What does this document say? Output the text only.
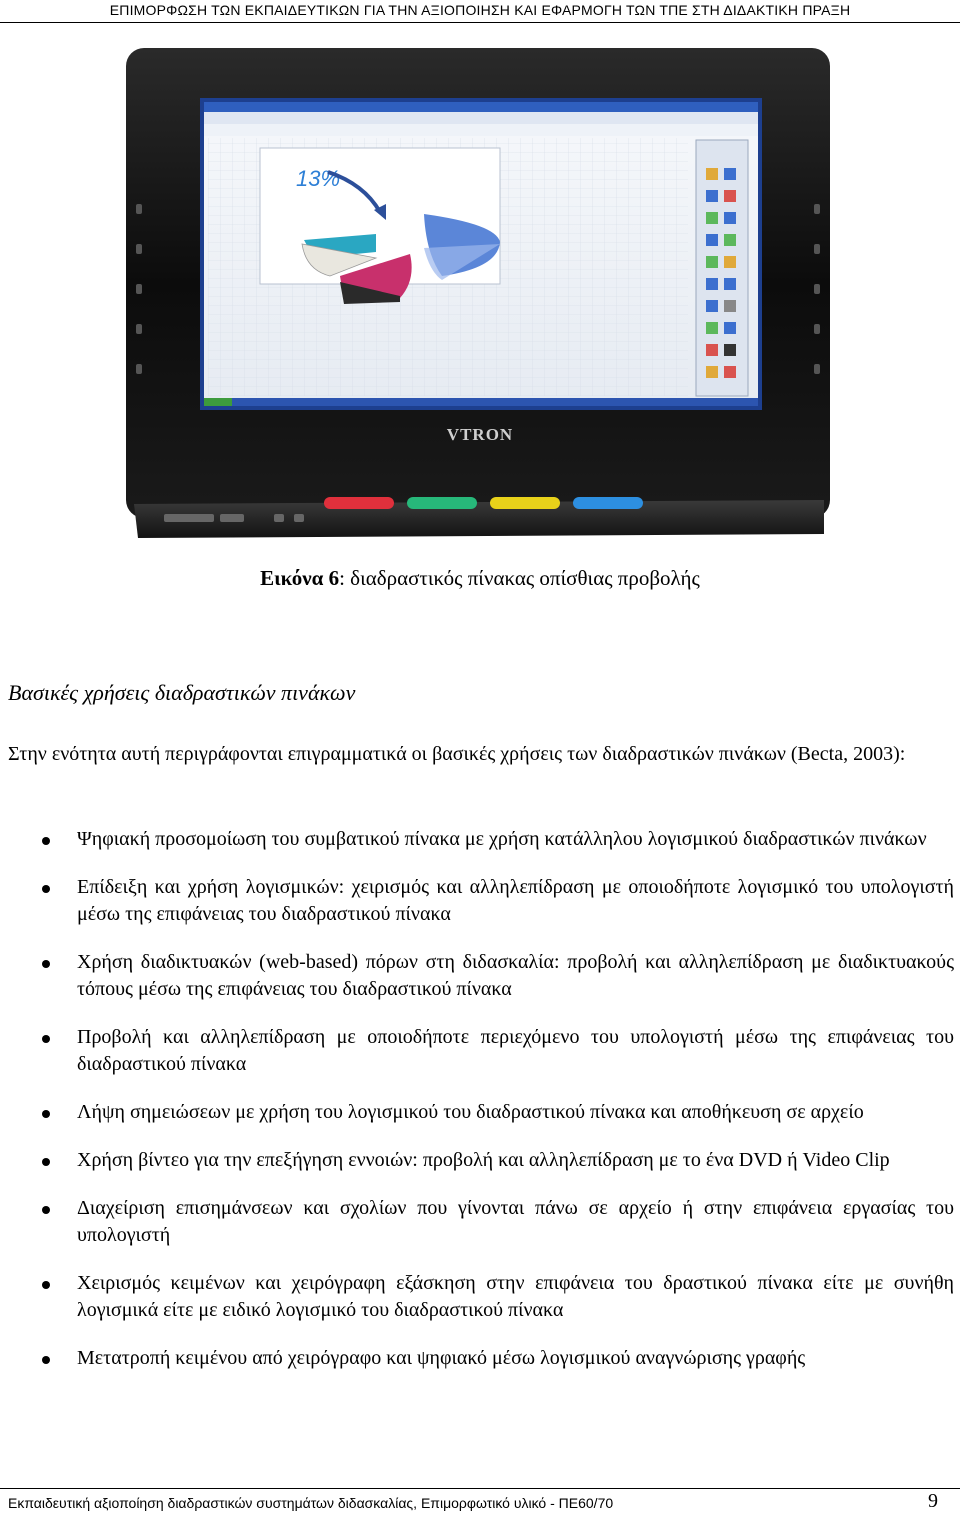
ΕΠΙΜΟΡΦΩΣΗ ΤΩΝ ΕΚΠΑΙΔΕΥΤΙΚΩΝ ΓΙΑ ΤΗΝ ΑΞΙΟΠΟΙΗΣΗ ΚΑΙ ΕΦΑΡΜΟΓΗ ΤΩΝ ΤΠΕ ΣΤΗ ΔΙΔΑΚΤΙΚΗ ΠΡΑΞΗ
13%
VTRON
Εικόνα 6: διαδραστικός πίνακας οπίσθιας προβολής
Βασικές χρήσεις διαδραστικών πινάκων
Στην ενότητα αυτή περιγράφονται επιγραμματικά οι βασικές χρήσεις των διαδραστικών πινάκων (Becta, 2003):
Ψηφιακή προσομοίωση του συμβατικού πίνακα με χρήση κατάλληλου λογισμικού διαδραστικών πινάκων
Επίδειξη και χρήση λογισμικών: χειρισμός και αλληλεπίδραση με οποιοδήποτε λογισμικό του υπολογιστή μέσω της επιφάνειας του διαδραστικού πίνακα
Χρήση διαδικτυακών (web-based) πόρων στη διδασκαλία: προβολή και αλληλεπίδραση με διαδικτυακούς τόπους μέσω της επιφάνειας του διαδραστικού πίνακα
Προβολή και αλληλεπίδραση με οποιοδήποτε περιεχόμενο του υπολογιστή μέσω της επιφάνειας του διαδραστικού πίνακα
Λήψη σημειώσεων με χρήση του λογισμικού του διαδραστικού πίνακα και αποθήκευση σε αρχείο
Χρήση βίντεο για την επεξήγηση εννοιών: προβολή και αλληλεπίδραση με το ένα DVD ή Video Clip
Διαχείριση επισημάνσεων και σχολίων που γίνονται πάνω σε αρχείο ή στην επιφάνεια εργασίας του υπολογιστή
Χειρισμός κειμένων και χειρόγραφη εξάσκηση στην επιφάνεια του δραστικού πίνακα είτε με συνήθη λογισμικά είτε με ειδικό λογισμικό του διαδραστικού πίνακα
Μετατροπή κειμένου από χειρόγραφο και ψηφιακό μέσω λογισμικού αναγνώρισης γραφής
Εκπαιδευτική αξιοποίηση διαδραστικών συστημάτων διδασκαλίας, Επιμορφωτικό υλικό - ΠΕ60/70	9
